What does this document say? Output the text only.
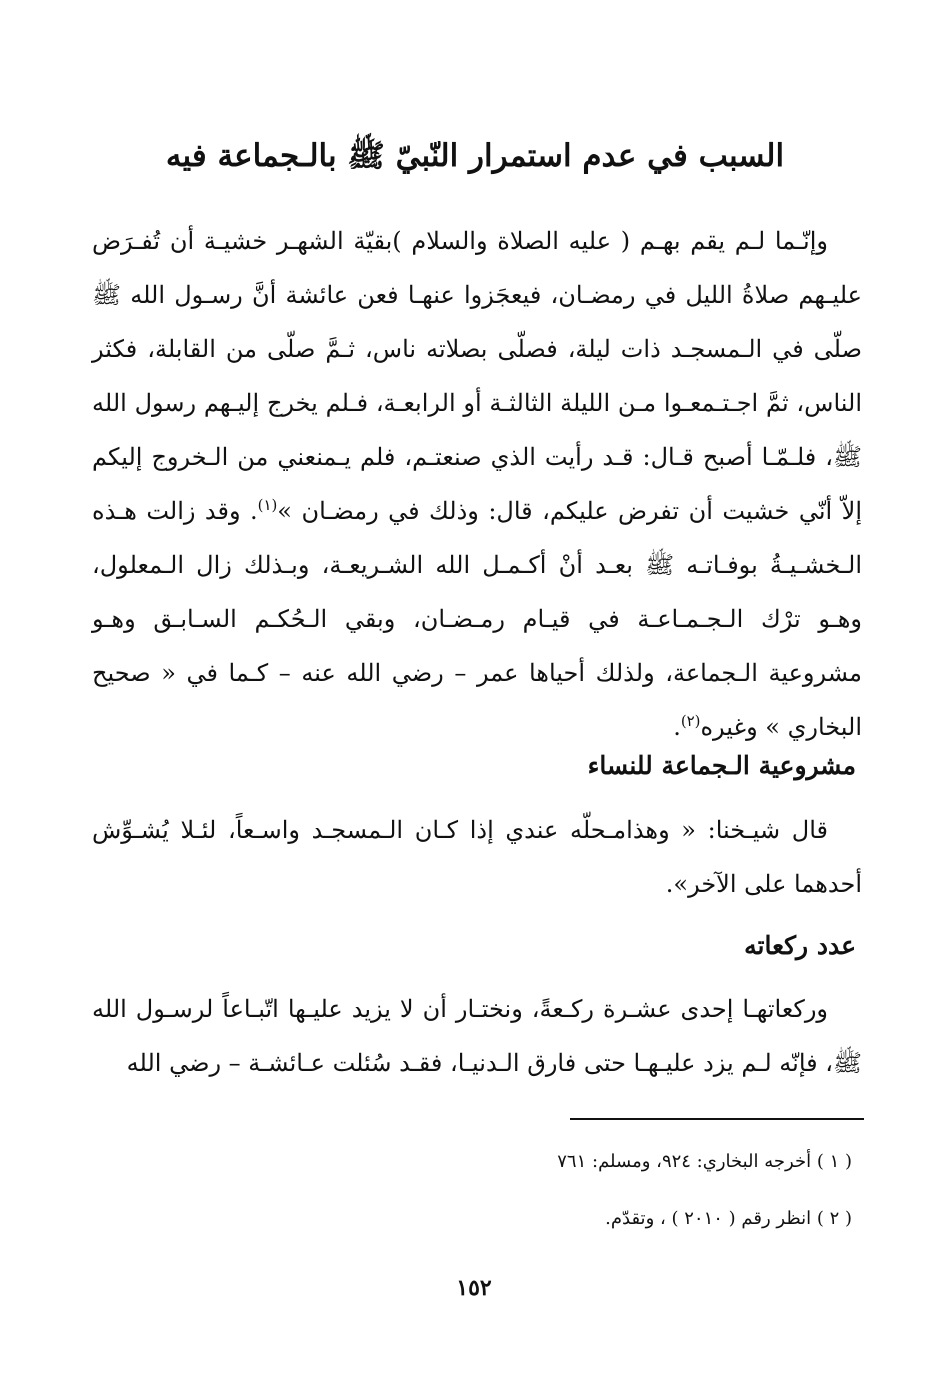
السبب في عدم استمرار النّبيّ ﷺ بالـجماعة فيه

وإنّـما لـم يقم بهـم ( عليه الصلاة والسلام )بقيّة الشهـر خشيـة أن تُفـرَض عليـهم صلاةُ الليل في رمضـان، فيعجَزوا عنهـا فعن عائشة أنَّ رسـول الله ﷺ صلّى في الـمسجـد ذات ليلة، فصلّى بصلاته ناس، ثـمَّ صلّى من القابلة، فكثر الناس، ثمَّ اجـتـمعـوا مـن الليلة الثالثـة أو الرابعـة، فـلم يخرج إليـهم رسول الله ﷺ، فلـمّـا أصبح قـال: قـد رأيت الذي صنعتـم، فلم يـمنعني من الـخروج إليكم إلاّ أنّي خشيت أن تفرض عليكم، قال: وذلك في رمضـان »$^{(١)}$. وقد زالت هـذه الـخشـيـةُ بوفـاتـه ﷺ بعـد أنْ أكـمـل الله الشـريعـة، وبـذلك زال الـمعلول، وهـو ترْك الـجـمـاعـة في قيـام رمـضـان، وبقي الـحُكـم السـابـق وهـو مشروعية الـجماعة، ولذلك أحياها عمر – رضي الله عنه – كـما في « صحيح البخاري » وغيره$^{(٢)}$.

مشروعية الـجماعة للنساء

قال شيـخنا: « وهذامـحلّه عندي إذا كـان الـمسجـد واسـعاً، لئـلا يُشـوِّش أحدهما على الآخر».

عدد ركعاته

وركعاتهـا إحدى عشـرة ركـعةً، ونختـار أن لا يزيد عليـها اتّبـاعاً لرسـول الله ﷺ، فإنّه لـم يزد عليـهـا حتى فارق الـدنيـا، فقـد سُئلت عـائشـة – رضي الله

( ١ ) أخرجه البخاري: ٩٢٤، ومسلم: ٧٦١

( ٢ ) انظر رقم ( ٢٠١٠ ) ، وتقدّم.

١٥٢
